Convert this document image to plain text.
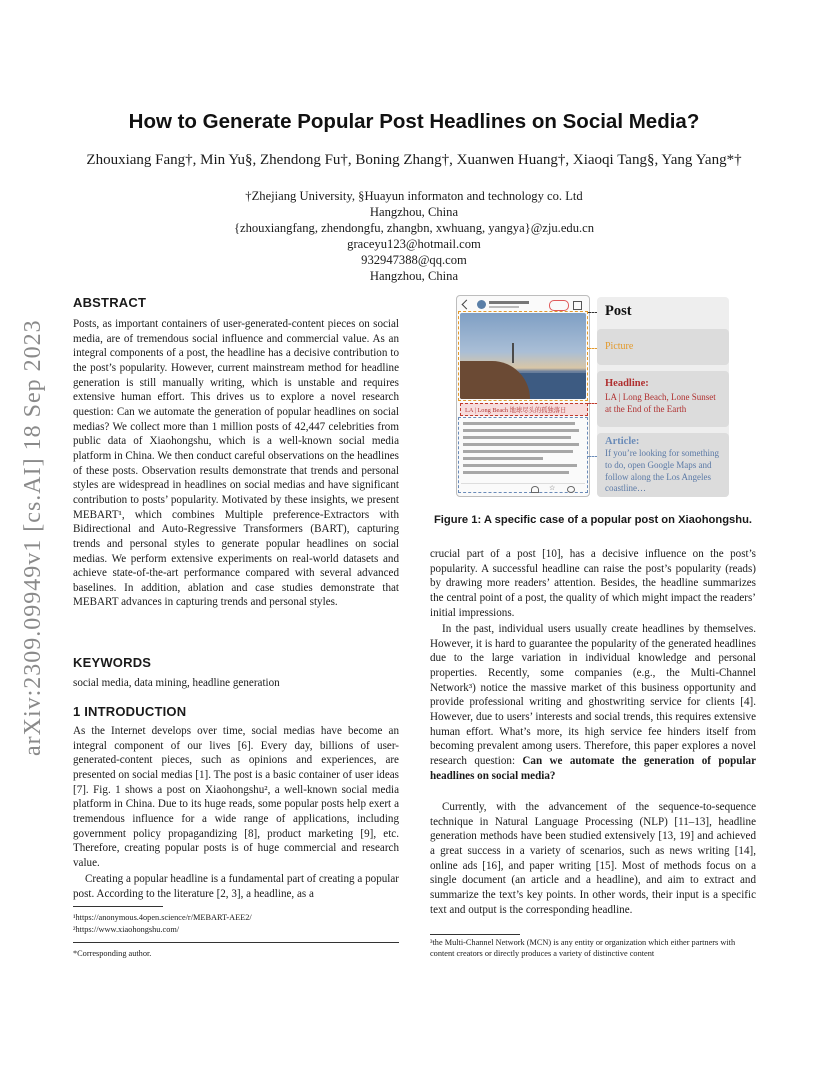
arXiv:2309.09949v1 [cs.AI] 18 Sep 2023
How to Generate Popular Post Headlines on Social Media?
Zhouxiang Fang†, Min Yu§, Zhendong Fu†, Boning Zhang†, Xuanwen Huang†, Xiaoqi Tang§, Yang Yang*†
†Zhejiang University, §Huayun informaton and technology co. Ltd
Hangzhou, China
{zhouxiangfang, zhendongfu, zhangbn, xwhuang, yangya}@zju.edu.cn
graceyu123@hotmail.com
932947388@qq.com
Hangzhou, China
ABSTRACT
Posts, as important containers of user-generated-content pieces on social media, are of tremendous social influence and commercial value. As an integral components of a post, the headline has a decisive contribution to the post’s popularity. However, current mainstream method for headline generation is still manually writing, which is unstable and requires extensive human effort. This drives us to explore a novel research question: Can we automate the generation of popular headlines on social medias? We collect more than 1 million posts of 42,447 celebrities from public data of Xiaohongshu, which is a well-known social media platform in China. We then conduct careful observations on the headlines of these posts. Observation results demonstrate that trends and personal styles are widespread in headlines on social medias and have significant contribution to posts’ popularity. Motivated by these insights, we present MEBART¹, which combines Multiple preference-Extractors with Bidirectional and Auto-Regressive Transformers (BART), capturing trends and personal styles to generate popular headlines on social medias. We perform extensive experiments on real-world datasets and achieve state-of-the-art performance compared with several advanced baselines. In addition, ablation and case studies demonstrate that MEBART advances in capturing trends and personal styles.
KEYWORDS
social media, data mining, headline generation
1 INTRODUCTION
As the Internet develops over time, social medias have become an integral component of our lives [6]. Every day, billions of user-generated-content pieces, such as opinions and experiences, are presented on social medias [1]. The post is a basic container of user ideas [7]. Fig. 1 shows a post on Xiaohongshu², a well-known social media platform in China. Due to its huge reads, some popular posts help exert a tremendous influence for a wide range of applications, including government policy propagandizing [8], product marketing [9], etc. Therefore, creating popular posts is of huge commercial and research value.
Creating a popular headline is a fundamental part of creating a popular post. According to the literature [2, 3], a headline, as a
¹https://anonymous.4open.science/r/MEBART-AEE2/
²https://www.xiaohongshu.com/
*Corresponding author.
LA | Long Beach 地球尽头的孤独落日
☆
Post
Picture
Headline:
LA | Long Beach, Lone Sunset at the End of the Earth
Article:
If you’re looking for something to do, open Google Maps and follow along the Los Angeles coastline…
Figure 1: A specific case of a popular post on Xiaohongshu.
crucial part of a post [10], has a decisive influence on the post’s popularity. A successful headline can raise the post’s popularity (reads) by drawing more readers’ attention. Besides, the headline summarizes the central point of a post, the quality of which might impact the readers’ initial impressions.
In the past, individual users usually create headlines by themselves. However, it is hard to guarantee the popularity of the generated headlines due to the large variation in individual knowledge and personal properties. Recently, some companies (e.g., the Multi-Channel Network³) notice the massive market of this business opportunity and provide professional writing and ghostwriting service for clients [4]. However, due to users’ interests and social trends, this requires extensive human effort. What’s more, its high service fee hinders itself from becoming prevalent among users. Therefore, this paper explores a novel research question: Can we automate the generation of popular headlines on social media?
Currently, with the advancement of the sequence-to-sequence technique in Natural Language Processing (NLP) [11–13], headline generation methods have been studied extensively [13, 19] and achieved a great success in a variety of scenarios, such as news writing [14], online ads [16], and paper writing [15]. Most of methods focus on a single document (an article and a headline), and aim to extract and summarize the text’s key points. In other words, their input is a specific text and output is the corresponding headline.
³the Multi-Channel Network (MCN) is any entity or organization which either partners with content creators or directly produces a variety of distinctive content
